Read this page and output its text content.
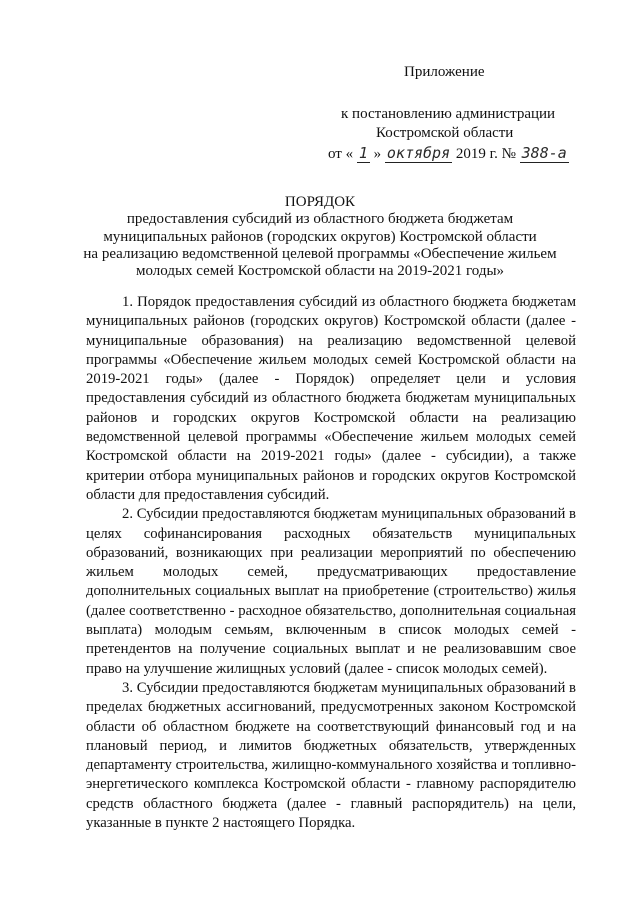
Приложение
к постановлению администрации
Костромской области
от « 1 » октября 2019 г. № 388-а
ПОРЯДОК
предоставления субсидий из областного бюджета бюджетам
муниципальных районов (городских округов) Костромской области
на реализацию ведомственной целевой программы «Обеспечение жильем
молодых семей Костромской области на 2019-2021 годы»

1. Порядок предоставления субсидий из областного бюджета бюджетам муниципальных районов (городских округов) Костромской области (далее - муниципальные образования) на реализацию ведомственной целевой программы «Обеспечение жильем молодых семей Костромской области на 2019-2021 годы» (далее - Порядок) определяет цели и условия предоставления субсидий из областного бюджета бюджетам муниципальных районов и городских округов Костромской области на реализацию ведомственной целевой программы «Обеспечение жильем молодых семей Костромской области на 2019-2021 годы» (далее - субсидии), а также критерии отбора муниципальных районов и городских округов Костромской области для предоставления субсидий.

2. Субсидии предоставляются бюджетам муниципальных образований в целях софинансирования расходных обязательств муниципальных образований, возникающих при реализации мероприятий по обеспечению жильем молодых семей, предусматривающих предоставление дополнительных социальных выплат на приобретение (строительство) жилья (далее соответственно - расходное обязательство, дополнительная социальная выплата) молодым семьям, включенным в список молодых семей - претендентов на получение социальных выплат и не реализовавшим свое право на улучшение жилищных условий (далее - список молодых семей).

3. Субсидии предоставляются бюджетам муниципальных образований в пределах бюджетных ассигнований, предусмотренных законом Костромской области об областном бюджете на соответствующий финансовый год и на плановый период, и лимитов бюджетных обязательств, утвержденных департаменту строительства, жилищно-коммунального хозяйства и топливно-энергетического комплекса Костромской области - главному распорядителю средств областного бюджета (далее - главный распорядитель) на цели, указанные в пункте 2 настоящего Порядка.
